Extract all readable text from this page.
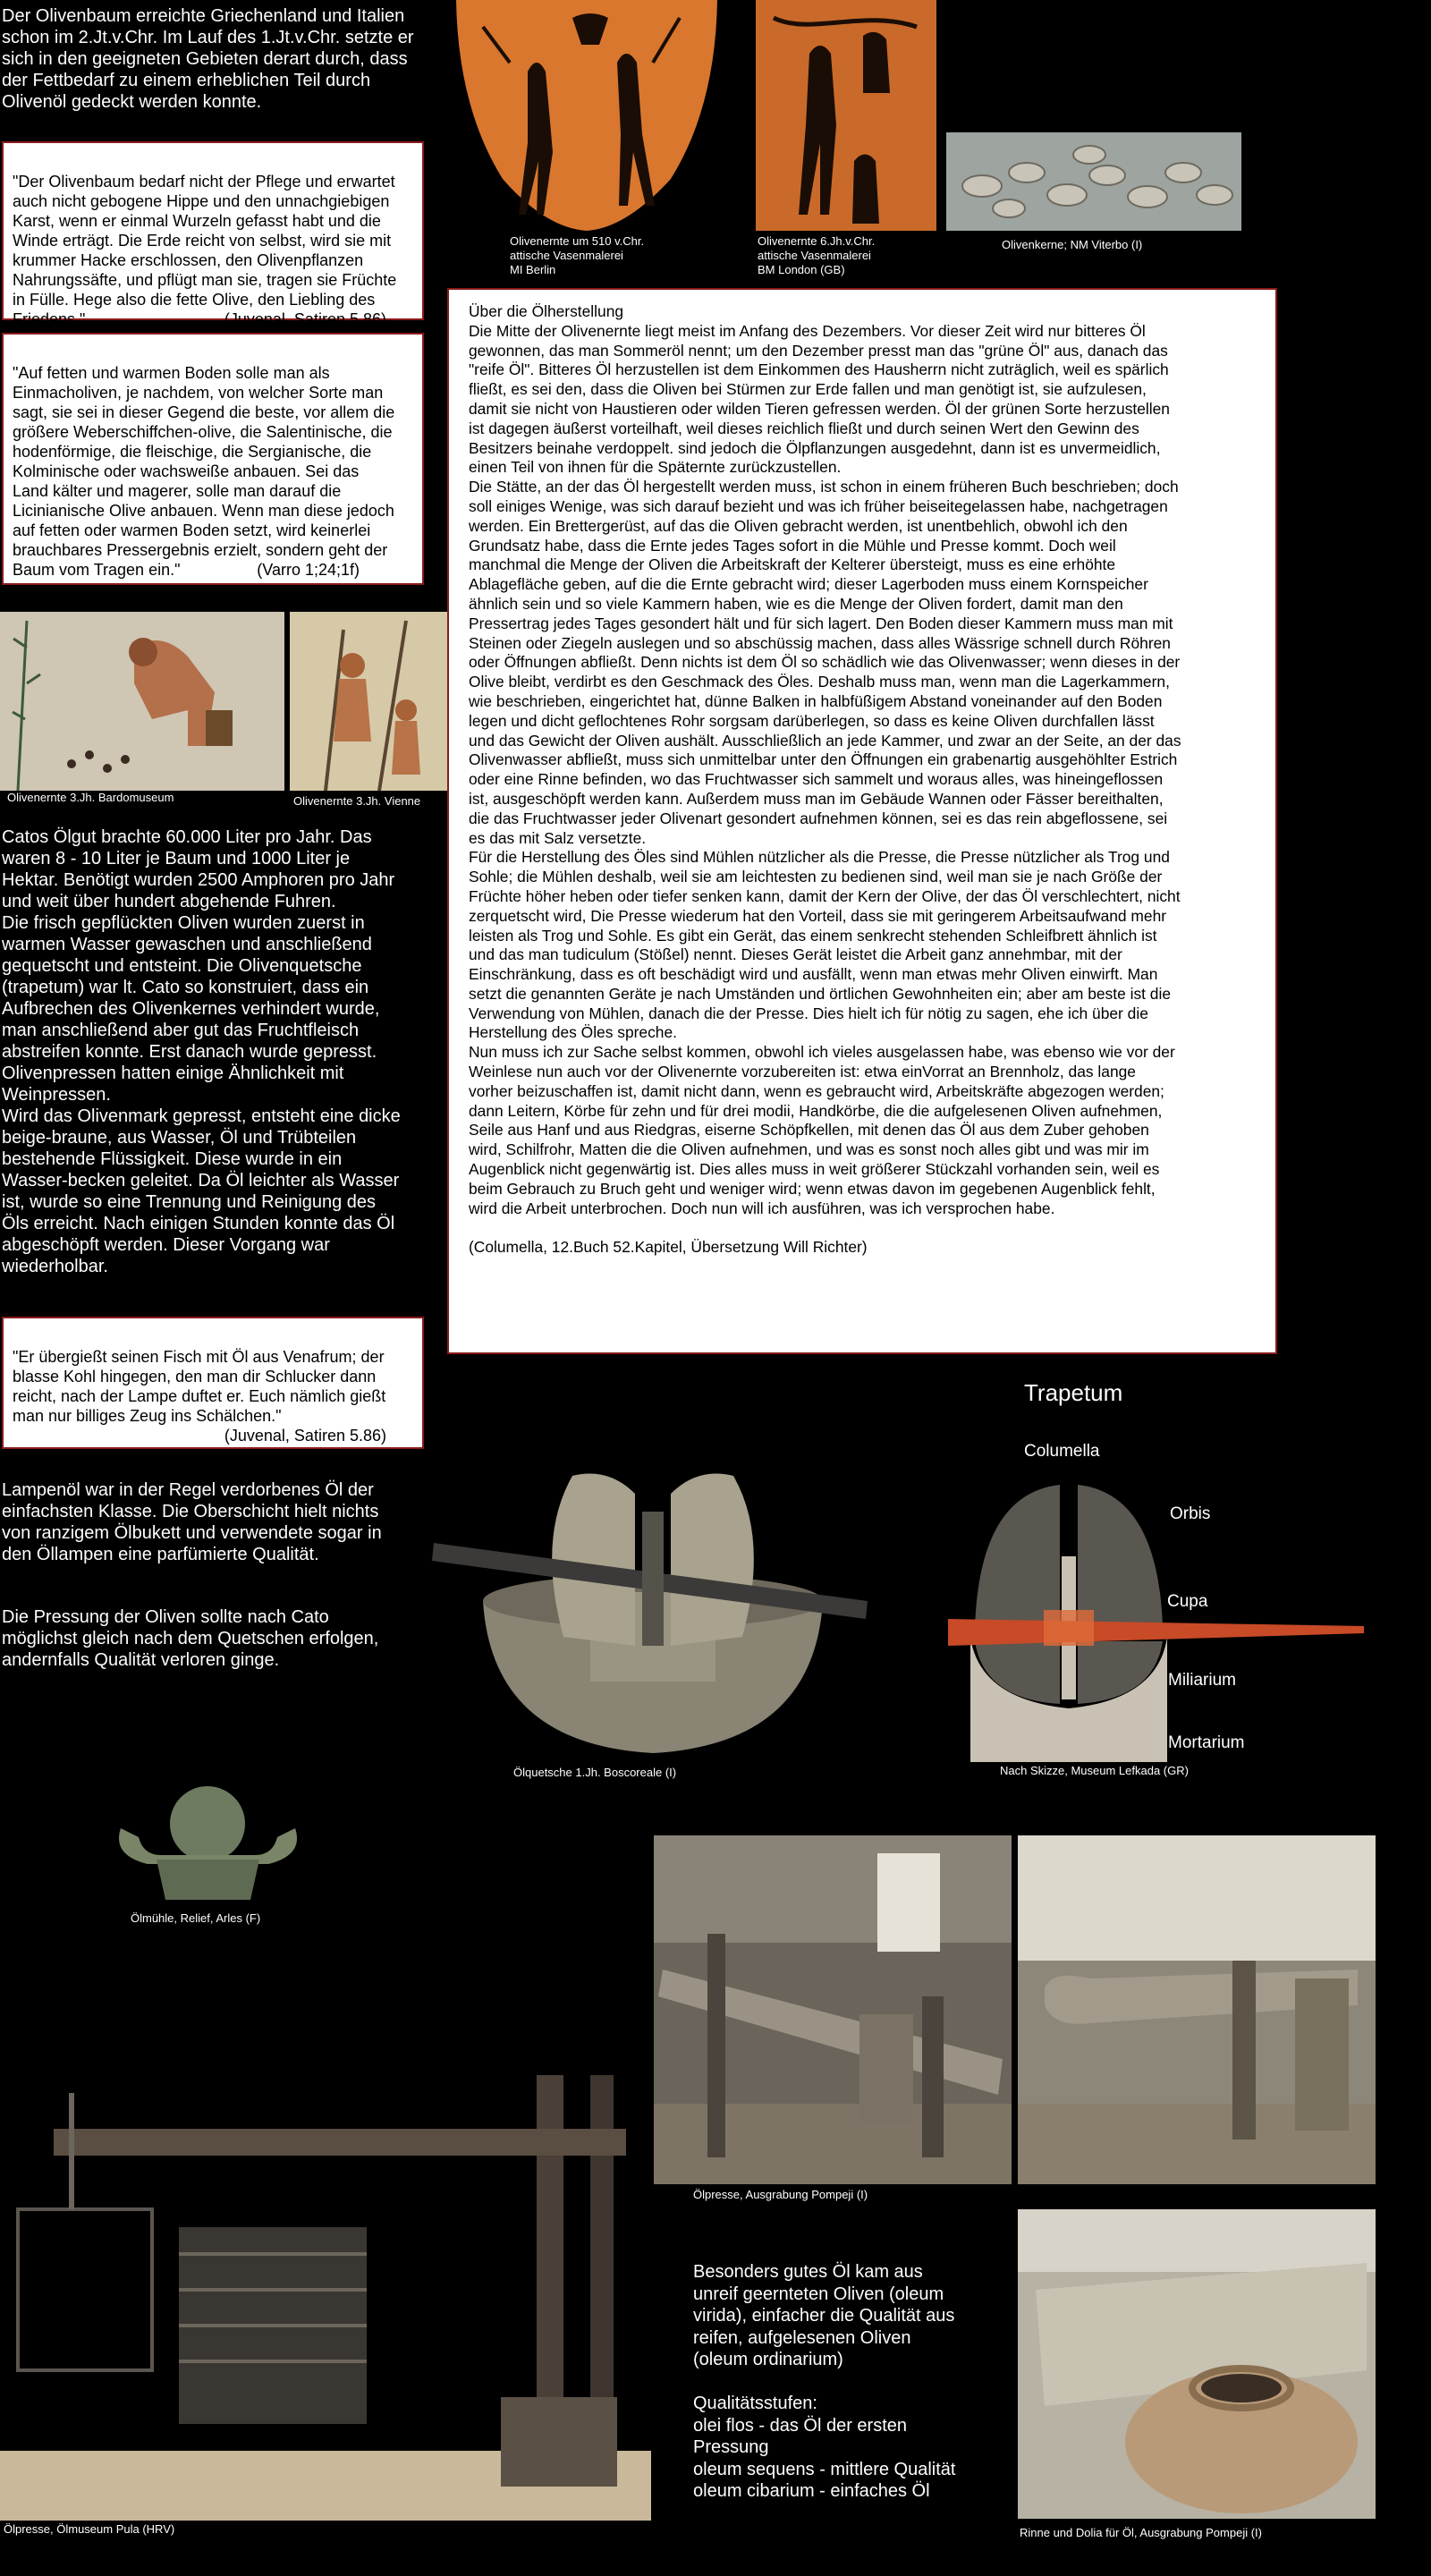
Der Olivenbaum erreichte Griechenland und Italien
schon im 2.Jt.v.Chr. Im Lauf des 1.Jt.v.Chr. setzte er
sich in den geeigneten Gebieten derart durch, dass
der Fettbedarf zu einem erheblichen Teil durch
Olivenöl gedeckt werden konnte.
Olivenernte um 510 v.Chr.
attische Vasenmalerei
MI Berlin
Olivenernte 6.Jh.v.Chr.
attische Vasenmalerei
BM London (GB)
Olivenkerne; NM Viterbo (I)

"Der Olivenbaum bedarf nicht der Pflege und erwartet
auch nicht gebogene Hippe und den unnachgiebigen
Karst, wenn er einmal Wurzeln gefasst habt und die
Winde erträgt. Die Erde reicht von selbst, wird sie mit
krummer Hacke erschlossen, den Olivenpflanzen
Nahrungssäfte, und pflügt man sie, tragen sie Früchte
in Fülle. Hege also die fette Olive, den Liebling des
Friedens."	(Juvenal, Satiren 5.86)

"Auf fetten und warmen Boden solle man als
Einmacholiven, je nachdem, von welcher Sorte man
sagt, sie sei in dieser Gegend die beste, vor allem die
größere Weberschiffchen-olive, die Salentinische, die
hodenförmige, die fleischige, die Sergianische, die
Kolminische oder wachsweiße anbauen. Sei das
Land kälter und magerer, solle man darauf die
Licinianische Olive anbauen. Wenn man diese jedoch
auf fetten oder warmen Boden setzt, wird keinerlei
brauchbares Pressergebnis erzielt, sondern geht der
Baum vom Tragen ein."	(Varro 1;24;1f)

Olivenernte 3.Jh. Bardomuseum	Olivenernte 3.Jh. Vienne
Catos Ölgut brachte 60.000 Liter pro Jahr. Das
waren 8 - 10 Liter je Baum und 1000 Liter je
Hektar. Benötigt wurden 2500 Amphoren pro Jahr
und weit über hundert abgehende Fuhren.
Die frisch gepflückten Oliven wurden zuerst in
warmen Wasser gewaschen und anschließend
gequetscht und entsteint. Die Olivenquetsche
(trapetum) war lt. Cato so konstruiert, dass ein
Aufbrechen des Olivenkernes verhindert wurde,
man anschließend aber gut das Fruchtfleisch
abstreifen konnte. Erst danach wurde gepresst.
Olivenpressen hatten einige Ähnlichkeit mit
Weinpressen.
Wird das Olivenmark gepresst, entsteht eine dicke
beige-braune, aus Wasser, Öl und Trübteilen
bestehende Flüssigkeit. Diese wurde in ein
Wasser-becken geleitet. Da Öl leichter als Wasser
ist, wurde so eine Trennung und Reinigung des
Öls erreicht. Nach einigen Stunden konnte das Öl
abgeschöpft werden. Dieser Vorgang war
wiederholbar.

"Er übergießt seinen Fisch mit Öl aus Venafrum; der
blasse Kohl hingegen, den man dir Schlucker dann
reicht, nach der Lampe duftet er. Euch nämlich gießt
man nur billiges Zeug ins Schälchen."

(Juvenal, Satiren 5.86)

Lampenöl war in der Regel verdorbenes Öl der
einfachsten Klasse. Die Oberschicht hielt nichts
von ranzigem Ölbukett und verwendete sogar in
den Öllampen eine parfümierte Qualität.
Die Pressung der Oliven sollte nach Cato
möglichst gleich nach dem Quetschen erfolgen,
andernfalls Qualität verloren ginge.

Über die Ölherstellung

Die Mitte der Olivenernte liegt meist im Anfang des Dezembers. Vor dieser Zeit wird nur bitteres Öl
gewonnen, das man Sommeröl nennt; um den Dezember presst man das "grüne Öl" aus, danach das
"reife Öl". Bitteres Öl herzustellen ist dem Einkommen des Hausherrn nicht zuträglich, weil es spärlich
fließt, es sei den, dass die Oliven bei Stürmen zur Erde fallen und man genötigt ist, sie aufzulesen,
damit sie nicht von Haustieren oder wilden Tieren gefressen werden. Öl der grünen Sorte herzustellen
ist dagegen äußerst vorteilhaft, weil dieses reichlich fließt und durch seinen Wert den Gewinn des
Besitzers beinahe verdoppelt. sind jedoch die Ölpflanzungen ausgedehnt, dann ist es unvermeidlich,
einen Teil von ihnen für die Späternte zurückzustellen.

Die Stätte, an der das Öl hergestellt werden muss, ist schon in einem früheren Buch beschrieben; doch
soll einiges Wenige, was sich darauf bezieht und was ich früher beiseitegelassen habe, nachgetragen
werden. Ein Brettergerüst, auf das die Oliven gebracht werden, ist unentbehlich, obwohl ich den
Grundsatz habe, dass die Ernte jedes Tages sofort in die Mühle und Presse kommt. Doch weil
manchmal die Menge der Oliven die Arbeitskraft der Kelterer übersteigt, muss es eine erhöhte
Ablagefläche geben, auf die die Ernte gebracht wird; dieser Lagerboden muss einem Kornspeicher
ähnlich sein und so viele Kammern haben, wie es die Menge der Oliven fordert, damit man den
Pressertrag jedes Tages gesondert hält und für sich lagert. Den Boden dieser Kammern muss man mit
Steinen oder Ziegeln auslegen und so abschüssig machen, dass alles Wässrige schnell durch Röhren
oder Öffnungen abfließt. Denn nichts ist dem Öl so schädlich wie das Olivenwasser; wenn dieses in der
Olive bleibt, verdirbt es den Geschmack des Öles. Deshalb muss man, wenn man die Lagerkammern,
wie beschrieben, eingerichtet hat, dünne Balken in halbfüßigem Abstand voneinander auf den Boden
legen und dicht geflochtenes Rohr sorgsam darüberlegen, so dass es keine Oliven durchfallen lässt
und das Gewicht der Oliven aushält. Ausschließlich an jede Kammer, und zwar an der Seite, an der das
Olivenwasser abfließt, muss sich unmittelbar unter den Öffnungen ein grabenartig ausgehöhlter Estrich
oder eine Rinne befinden, wo das Fruchtwasser sich sammelt und woraus alles, was hineingeflossen
ist, ausgeschöpft werden kann. Außerdem muss man im Gebäude Wannen oder Fässer bereithalten,
die das Fruchtwasser jeder Olivenart gesondert aufnehmen können, sei es das rein abgeflossene, sei
es das mit Salz versetzte.

Für die Herstellung des Öles sind Mühlen nützlicher als die Presse, die Presse nützlicher als Trog und
Sohle; die Mühlen deshalb, weil sie am leichtesten zu bedienen sind, weil man sie je nach Größe der
Früchte höher heben oder tiefer senken kann, damit der Kern der Olive, der das Öl verschlechtert, nicht
zerquetscht wird, Die Presse wiederum hat den Vorteil, dass sie mit geringerem Arbeitsaufwand mehr
leisten als Trog und Sohle. Es gibt ein Gerät, das einem senkrecht stehenden Schleifbrett ähnlich ist
und das man tudiculum (Stößel) nennt. Dieses Gerät leistet die Arbeit ganz annehmbar, mit der
Einschränkung, dass es oft beschädigt wird und ausfällt, wenn man etwas mehr Oliven einwirft. Man
setzt die genannten Geräte je nach Umständen und örtlichen Gewohnheiten ein; aber am beste ist die
Verwendung von Mühlen, danach die der Presse. Dies hielt ich für nötig zu sagen, ehe ich über die
Herstellung des Öles spreche.

Nun muss ich zur Sache selbst kommen, obwohl ich vieles ausgelassen habe, was ebenso wie vor der
Weinlese nun auch vor der Olivenernte vorzubereiten ist: etwa einVorrat an Brennholz, das lange
vorher beizuschaffen ist, damit nicht dann, wenn es gebraucht wird, Arbeitskräfte abgezogen werden;
dann Leitern, Körbe für zehn und für drei modii, Handkörbe, die die aufgelesenen Oliven aufnehmen,
Seile aus Hanf und aus Riedgras, eiserne Schöpfkellen, mit denen das Öl aus dem Zuber gehoben
wird, Schilfrohr, Matten die die Oliven aufnehmen, und was es sonst noch alles gibt und was mir im
Augenblick nicht gegenwärtig ist. Dies alles muss in weit größerer Stückzahl vorhanden sein, weil es
beim Gebrauch zu Bruch geht und weniger wird; wenn etwas davon im gegebenen Augenblick fehlt,
wird die Arbeit unterbrochen. Doch nun will ich ausführen, was ich versprochen habe.

(Columella, 12.Buch 52.Kapitel, Übersetzung Will Richter)

Ölquetsche 1.Jh. Boscoreale (I)
Trapetum
Columella
Orbis
Cupa
Miliarium
Mortarium
Nach Skizze, Museum Lefkada (GR)
Ölmühle, Relief, Arles (F)
Ölpresse, Ausgrabung Pompeji (I)
Ölpresse, Ölmuseum Pula (HRV)
Besonders gutes Öl kam aus
unreif geernteten Oliven (oleum
virida), einfacher die Qualität aus
reifen, aufgelesenen Oliven
(oleum ordinarium)

Qualitätsstufen:
olei flos - das Öl der ersten
Pressung
oleum sequens - mittlere Qualität
oleum cibarium - einfaches Öl
Rinne und Dolia für Öl, Ausgrabung Pompeji (I)
